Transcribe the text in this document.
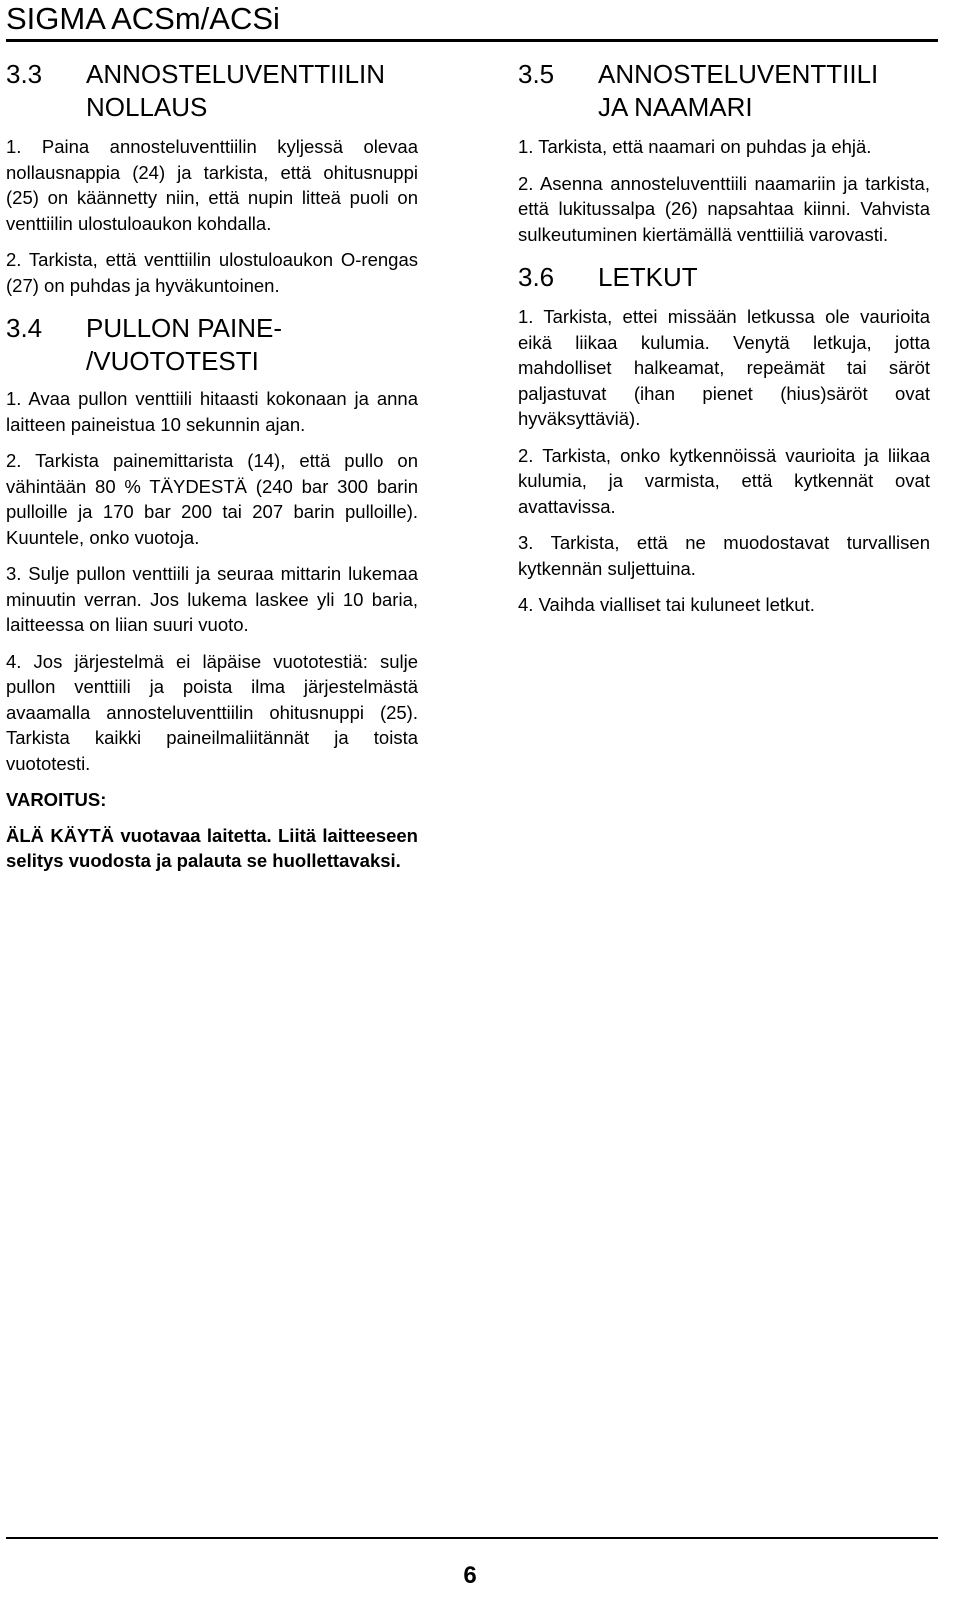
SIGMA ACSm/ACSi
3.3	ANNOSTELUVENTTIILIN NOLLAUS

1. Paina annosteluventtiilin kyljessä olevaa nollausnappia (24) ja tarkista, että ohitusnuppi (25) on käännetty niin, että nupin litteä puoli on venttiilin ulostuloaukon kohdalla.

2. Tarkista, että venttiilin ulostuloaukon O-rengas (27) on puhdas ja hyväkuntoinen.

3.4	PULLON PAINE-
/VUOTOTESTI

1. Avaa pullon venttiili hitaasti kokonaan ja anna laitteen paineistua 10 sekunnin ajan.

2. Tarkista painemittarista (14), että pullo on vähintään 80 % TÄYDESTÄ (240 bar 300 barin pulloille ja 170 bar 200 tai 207 barin pulloille). Kuuntele, onko vuotoja.

3. Sulje pullon venttiili ja seuraa mittarin lukemaa minuutin verran. Jos lukema laskee yli 10 baria, laitteessa on liian suuri vuoto.

4. Jos järjestelmä ei läpäise vuototestiä: sulje pullon venttiili ja poista ilma järjestelmästä avaamalla annosteluventtiilin ohitusnuppi (25). Tarkista kaikki paineilmaliitännät ja toista vuototesti.

VAROITUS:

ÄLÄ KÄYTÄ vuotavaa laitetta. Liitä laitteeseen selitys vuodosta ja palauta se huollettavaksi.

3.5	ANNOSTELUVENTTIILI
JA NAAMARI

1. Tarkista, että naamari on puhdas ja ehjä.

2. Asenna annosteluventtiili naamariin ja tarkista, että lukitussalpa (26) napsahtaa kiinni. Vahvista sulkeutuminen kiertämällä venttiiliä varovasti.

3.6	LETKUT

1. Tarkista, ettei missään letkussa ole vaurioita eikä liikaa kulumia. Venytä letkuja, jotta mahdolliset halkeamat, repeämät tai säröt paljastuvat (ihan pienet (hius)säröt ovat hyväksyttäviä).

2. Tarkista, onko kytkennöissä vaurioita ja liikaa kulumia, ja varmista, että kytkennät ovat avattavissa.

3. Tarkista, että ne muodostavat turvallisen kytkennän suljettuina.

4. Vaihda vialliset tai kuluneet letkut.

6
